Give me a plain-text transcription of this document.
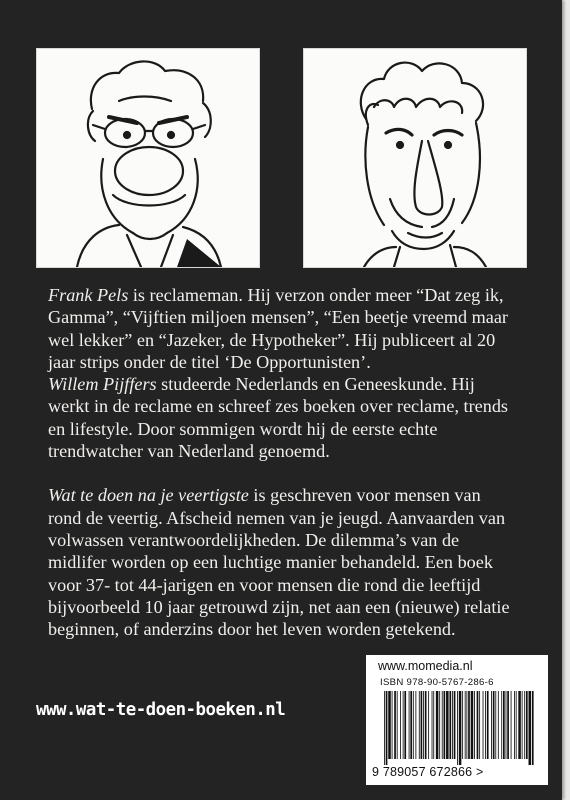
Frank Pels is reclameman. Hij verzon onder meer “Dat zeg ik, Gamma”, “Vijftien miljoen mensen”, “Een beetje vreemd maar wel lekker” en “Jazeker, de Hypotheker”. Hij publiceert al 20 jaar strips onder de titel ‘De Opportunisten’.

Willem Pijffers studeerde Nederlands en Geneeskunde. Hij werkt in de reclame en schreef zes boeken over reclame, trends en lifestyle. Door sommigen wordt hij de eerste echte trendwatcher van Nederland genoemd.

Wat te doen na je veertigste is geschreven voor mensen van rond de veertig. Afscheid nemen van je jeugd. Aanvaarden van volwassen verantwoordelijkheden. De dilemma’s van de midlifer worden op een luchtige manier behandeld. Een boek voor 37- tot 44-jarigen en voor mensen die rond die leeftijd bijvoorbeeld 10 jaar getrouwd zijn, net aan een (nieuwe) relatie beginnen, of anderzins door het leven worden getekend.

www.wat-te-doen-boeken.nl
www.momedia.nl
ISBN 978-90-5767-286-6
9 789057 672866 >
